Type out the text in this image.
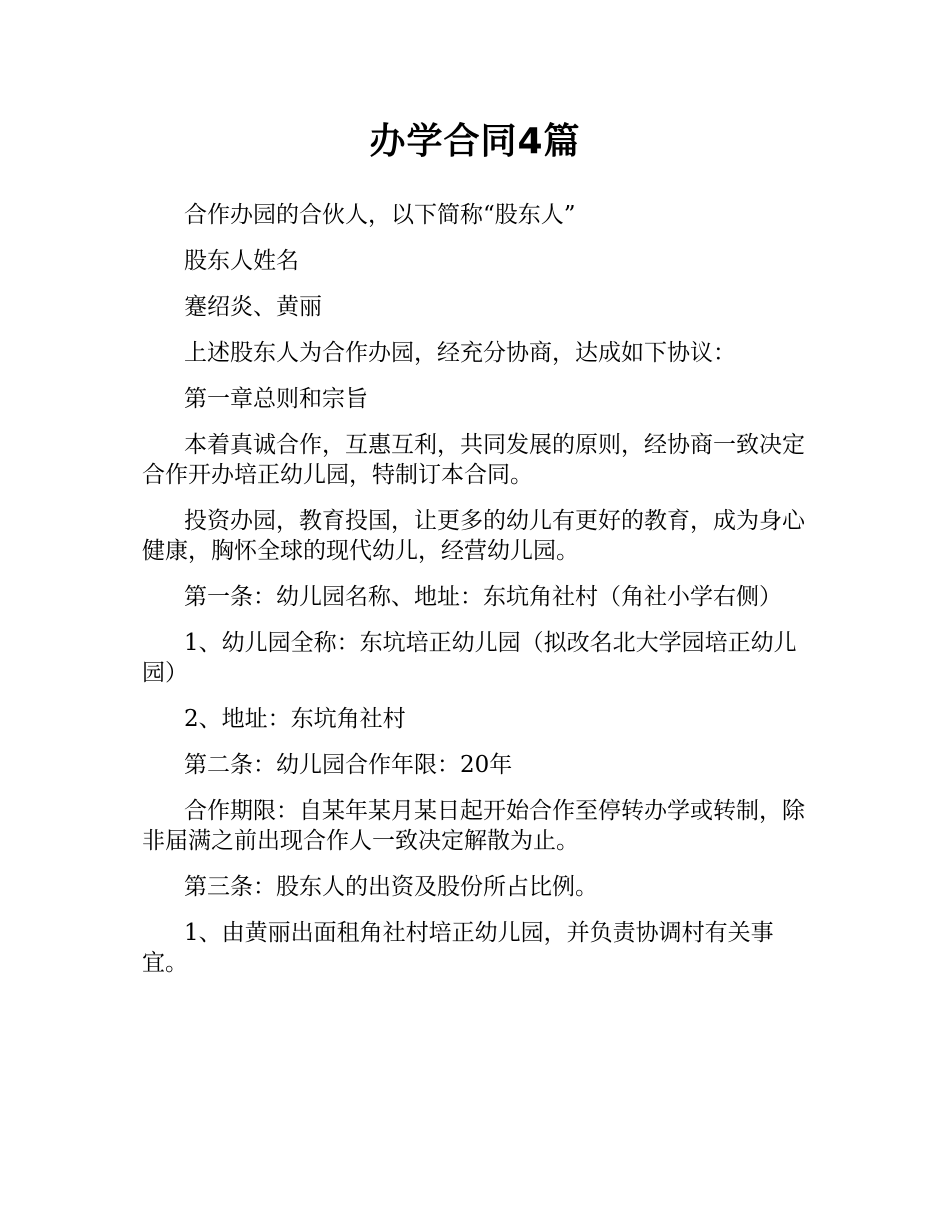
办学合同4篇

合作办园的合伙人，以下简称“股东人”

股东人姓名

蹇绍炎、黄丽

上述股东人为合作办园，经充分协商，达成如下协议：

第一章总则和宗旨

本着真诚合作，互惠互利，共同发展的原则，经协商一致决定合作开办培正幼儿园，特制订本合同。

投资办园，教育投国，让更多的幼儿有更好的教育，成为身心健康，胸怀全球的现代幼儿，经营幼儿园。

第一条：幼儿园名称、地址：东坑角社村（角社小学右侧）

1、幼儿园全称：东坑培正幼儿园（拟改名北大学园培正幼儿园）

2、地址：东坑角社村

第二条：幼儿园合作年限：20年

合作期限：自某年某月某日起开始合作至停转办学或转制，除非届满之前出现合作人一致决定解散为止。

第三条：股东人的出资及股份所占比例。

1、由黄丽出面租角社村培正幼儿园，并负责协调村有关事宜。
